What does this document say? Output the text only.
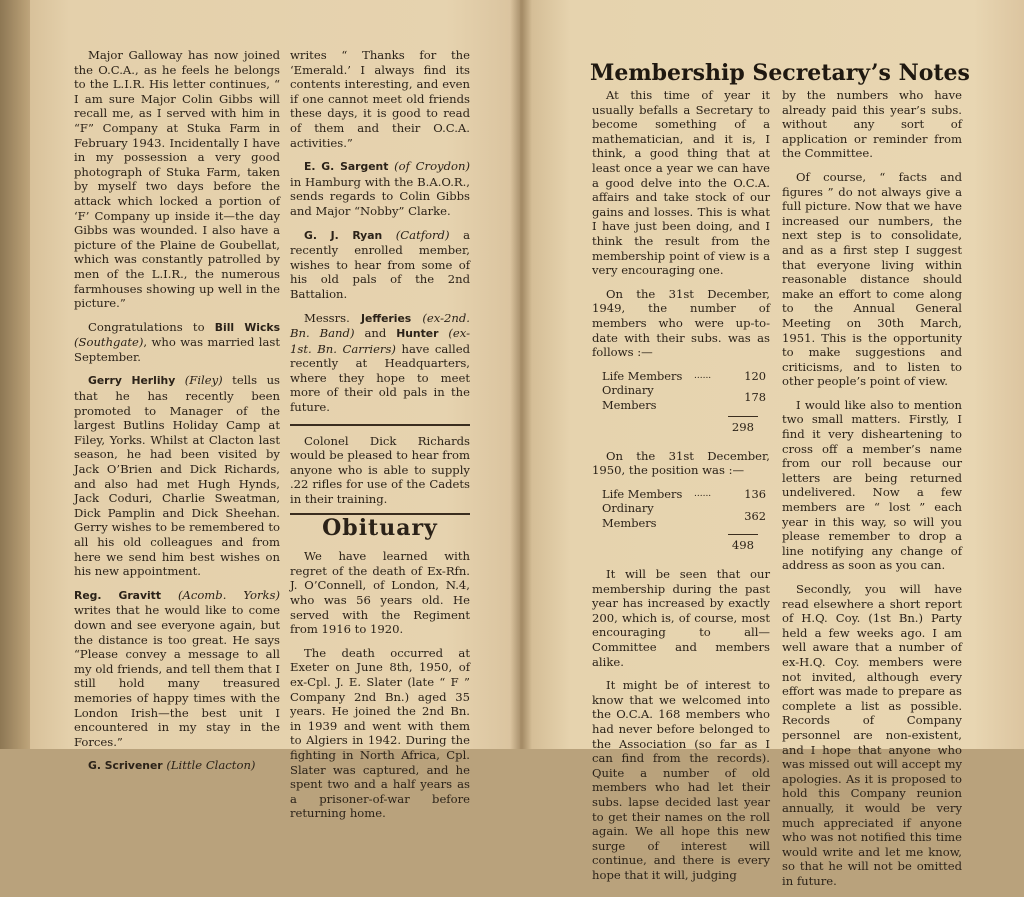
Major Galloway has now joined the O.C.A., as he feels he belongs to the L.I.R. His letter continues, “ I am sure Major Colin Gibbs will recall me, as I served with him in “F” Company at Stuka Farm in February 1943. Incidentally I have in my possession a very good photograph of Stuka Farm, taken by myself two days before the attack which locked a portion of ‘F’ Company up inside it—the day Gibbs was wounded. I also have a picture of the Plaine de Goubellat, which was constantly patrolled by men of the L.I.R., the numerous farmhouses showing up well in the picture.”

Congratulations to Bill Wicks (Southgate), who was married last September.

Gerry Herlihy (Filey) tells us that he has recently been promoted to Manager of the largest Butlins Holiday Camp at Filey, Yorks. Whilst at Clacton last season, he had been visited by Jack O’Brien and Dick Richards, and also had met Hugh Hynds, Jack Coduri, Charlie Sweatman, Dick Pamplin and Dick Sheehan. Gerry wishes to be remembered to all his old colleagues and from here we send him best wishes on his new appointment.

Reg. Gravitt (Acomb. Yorks) writes that he would like to come down and see everyone again, but the distance is too great. He says “Please convey a message to all my old friends, and tell them that I still hold many treasured memories of happy times with the London Irish—the best unit I encountered in my stay in the Forces.”

G. Scrivener (Little Clacton)

writes “ Thanks for the ‘Emerald.’ I always find its contents interesting, and even if one cannot meet old friends these days, it is good to read of them and their O.C.A. activities.”

E. G. Sargent (of Croydon) in Hamburg with the B.A.O.R., sends regards to Colin Gibbs and Major “Nobby” Clarke.

G. J. Ryan (Catford) a recently enrolled member, wishes to hear from some of his old pals of the 2nd Battalion.

Messrs. Jefferies (ex-2nd. Bn. Band) and Hunter (ex- 1st. Bn. Carriers) have called recently at Headquarters, where they hope to meet more of their old pals in the future.

Colonel Dick Richards would be pleased to hear from anyone who is able to supply .22 rifles for use of the Cadets in their training.

Obituary

We have learned with regret of the death of Ex-Rfn. J. O’Connell, of London, N.4, who was 56 years old. He served with the Regiment from 1916 to 1920.

The death occurred at Exeter on June 8th, 1950, of ex-Cpl. J. E. Slater (late “ F ” Company 2nd Bn.) aged 35 years. He joined the 2nd Bn. in 1939 and went with them to Algiers in 1942. During the fighting in North Africa, Cpl. Slater was captured, and he spent two and a half years as a prisoner-of-war before returning home.

Membership Secretary’s Notes

At this time of year it usually befalls a Secretary to become something of a mathematician, and it is, I think, a good thing that at least once a year we can have a good delve into the O.C.A. affairs and take stock of our gains and losses. This is what I have just been doing, and I think the result from the membership point of view is a very encouraging one.

On the 31st December, 1949, the number of members who were up-to-date with their subs. was as follows :—

Life Members	......	120
Ordinary Members		178
298

On the 31st December, 1950, the position was :—

Life Members	......	136
Ordinary Members		362
498

It will be seen that our membership during the past year has increased by exactly 200, which is, of course, most encouraging to all—Committee and members alike.

It might be of interest to know that we welcomed into the O.C.A. 168 members who had never before belonged to the Association (so far as I can find from the records). Quite a number of old members who had let their subs. lapse decided last year to get their names on the roll again. We all hope this new surge of interest will continue, and there is every hope that it will, judging

by the numbers who have already paid this year’s subs. without any sort of application or reminder from the Committee.

Of course, “ facts and figures ” do not always give a full picture. Now that we have increased our numbers, the next step is to consolidate, and as a first step I suggest that everyone living within reasonable distance should make an effort to come along to the Annual General Meeting on 30th March, 1951. This is the opportunity to make suggestions and criticisms, and to listen to other people’s point of view.

I would like also to mention two small matters. Firstly, I find it very disheartening to cross off a member’s name from our roll because our letters are being returned undelivered. Now a few members are “ lost ” each year in this way, so will you please remember to drop a line notifying any change of address as soon as you can.

Secondly, you will have read elsewhere a short report of H.Q. Coy. (1st Bn.) Party held a few weeks ago. I am well aware that a number of ex-H.Q. Coy. members were not invited, although every effort was made to prepare as complete a list as possible. Records of Company personnel are non-existent, and I hope that anyone who was missed out will accept my apologies. As it is proposed to hold this Company reunion annually, it would be very much appreciated if anyone who was not notified this time would write and let me know, so that he will not be omitted in future.
